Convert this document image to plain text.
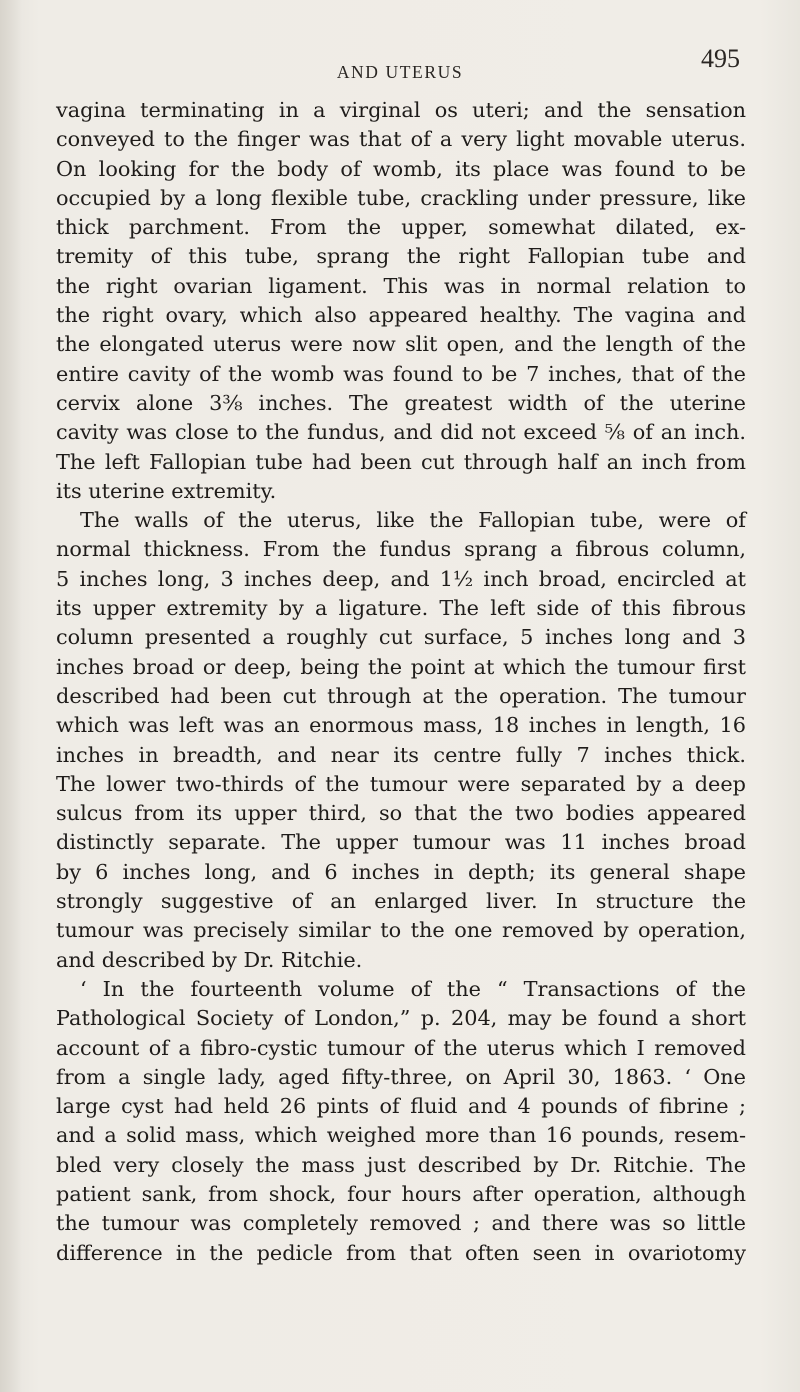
AND UTERUS	495
vagina terminating in a virginal os uteri; and the sensation
conveyed to the finger was that of a very light movable uterus.
On looking for the body of womb, its place was found to be
occupied by a long flexible tube, crackling under pressure, like
thick parchment. From the upper, somewhat dilated, ex-
tremity of this tube, sprang the right Fallopian tube and
the right ovarian ligament. This was in normal relation to
the right ovary, which also appeared healthy. The vagina and
the elongated uterus were now slit open, and the length of the
entire cavity of the womb was found to be 7 inches, that of the
cervix alone 3⅜ inches. The greatest width of the uterine
cavity was close to the fundus, and did not exceed ⅝ of an inch.
The left Fallopian tube had been cut through half an inch from
its uterine extremity.
The walls of the uterus, like the Fallopian tube, were of
normal thickness. From the fundus sprang a fibrous column,
5 inches long, 3 inches deep, and 1½ inch broad, encircled at
its upper extremity by a ligature. The left side of this fibrous
column presented a roughly cut surface, 5 inches long and 3
inches broad or deep, being the point at which the tumour first
described had been cut through at the operation. The tumour
which was left was an enormous mass, 18 inches in length, 16
inches in breadth, and near its centre fully 7 inches thick.
The lower two-thirds of the tumour were separated by a deep
sulcus from its upper third, so that the two bodies appeared
distinctly separate. The upper tumour was 11 inches broad
by 6 inches long, and 6 inches in depth; its general shape
strongly suggestive of an enlarged liver. In structure the
tumour was precisely similar to the one removed by operation,
and described by Dr. Ritchie.
‘ In the fourteenth volume of the “ Transactions of the
Pathological Society of London,” p. 204, may be found a short
account of a fibro-cystic tumour of the uterus which I removed
from a single lady, aged fifty-three, on April 30, 1863. ‘ One
large cyst had held 26 pints of fluid and 4 pounds of fibrine ;
and a solid mass, which weighed more than 16 pounds, resem-
bled very closely the mass just described by Dr. Ritchie. The
patient sank, from shock, four hours after operation, although
the tumour was completely removed ; and there was so little
difference in the pedicle from that often seen in ovariotomy
